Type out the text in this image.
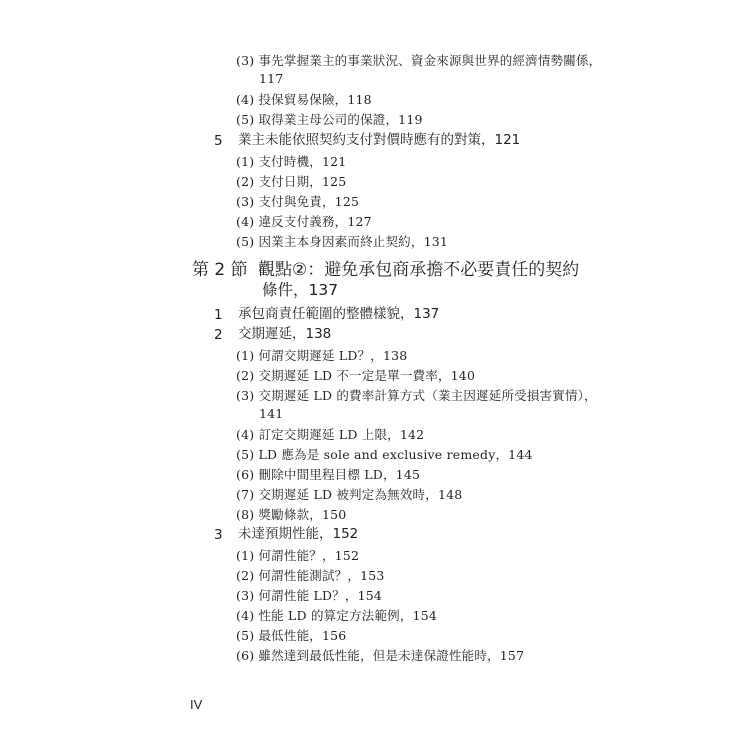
(3) 事先掌握業主的事業狀況、資金來源與世界的經濟情勢關係，
117
(4) 投保貿易保險，118
(5) 取得業主母公司的保證，119
5 業主未能依照契約支付對價時應有的對策，121
(1) 支付時機，121
(2) 支付日期，125
(3) 支付與免責，125
(4) 違反支付義務，127
(5) 因業主本身因素而終止契約，131
第 2 節 觀點②：避免承包商承擔不必要責任的契約
條件，137
1 承包商責任範圍的整體樣貌，137
2 交期遲延，138
(1) 何謂交期遲延 LD？，138
(2) 交期遲延 LD 不一定是單一費率，140
(3) 交期遲延 LD 的費率計算方式（業主因遲延所受損害實情），
141
(4) 訂定交期遲延 LD 上限，142
(5) LD 應為是 sole and exclusive remedy，144
(6) 刪除中間里程目標 LD，145
(7) 交期遲延 LD 被判定為無效時，148
(8) 獎勵條款，150
3 未達預期性能，152
(1) 何謂性能？，152
(2) 何謂性能測試？，153
(3) 何謂性能 LD？，154
(4) 性能 LD 的算定方法範例，154
(5) 最低性能，156
(6) 雖然達到最低性能，但是未達保證性能時，157
IV
